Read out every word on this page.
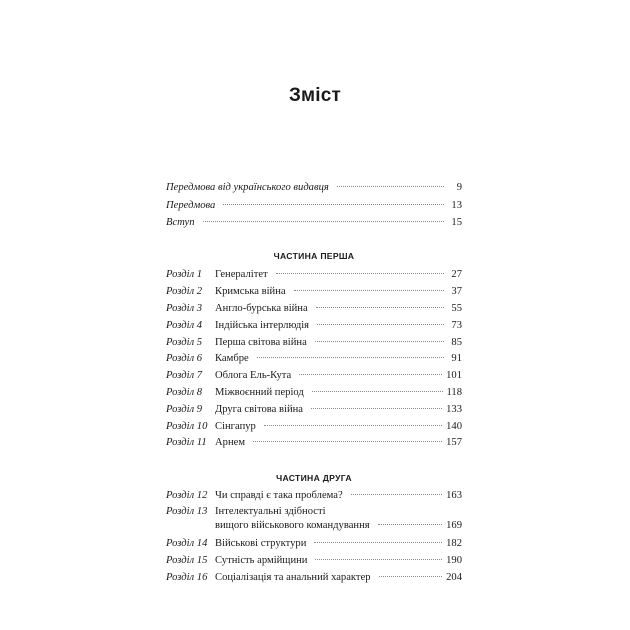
Зміст
Передмова від українського видавця	9
Передмова	13
Вступ	15
ЧАСТИНА ПЕРША
Розділ 1	Генералітет	27
Розділ 2	Кримська війна	37
Розділ 3	Англо-бурська війна	55
Розділ 4	Індійська інтерлюдія	73
Розділ 5	Перша світова війна	85
Розділ 6	Камбре	91
Розділ 7	Облога Ель-Кута	101
Розділ 8	Міжвоєнний період	118
Розділ 9	Друга світова війна	133
Розділ 10 Сінгапур	140
Розділ 11 Арнем	157
ЧАСТИНА ДРУГА
Розділ 12 Чи справді є така проблема?	163
Розділ 13 Інтелектуальні здібності
вищого військового командування	169
Розділ 14 Військові структури	182
Розділ 15 Сутність армійщини	190
Розділ 16 Соціалізація та анальний характер	204
